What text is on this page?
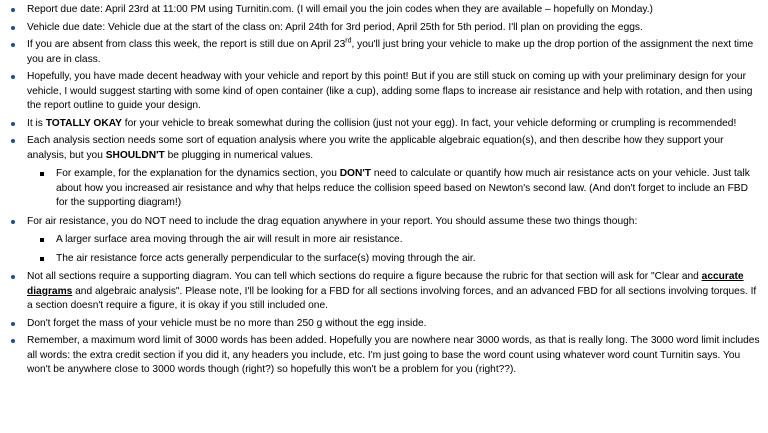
Report due date: April 23rd at 11:00 PM using Turnitin.com. (I will email you the join codes when they are available – hopefully on Monday.)
Vehicle due date: Vehicle due at the start of the class on: April 24th for 3rd period, April 25th for 5th period. I'll plan on providing the eggs.
If you are absent from class this week, the report is still due on April 23rd, you'll just bring your vehicle to make up the drop portion of the assignment the next time you are in class.
Hopefully, you have made decent headway with your vehicle and report by this point! But if you are still stuck on coming up with your preliminary design for your vehicle, I would suggest starting with some kind of open container (like a cup), adding some flaps to increase air resistance and help with rotation, and then using the report outline to guide your design.
It is TOTALLY OKAY for your vehicle to break somewhat during the collision (just not your egg). In fact, your vehicle deforming or crumpling is recommended!
Each analysis section needs some sort of equation analysis where you write the applicable algebraic equation(s), and then describe how they support your analysis, but you SHOULDN'T be plugging in numerical values.
For example, for the explanation for the dynamics section, you DON'T need to calculate or quantify how much air resistance acts on your vehicle. Just talk about how you increased air resistance and why that helps reduce the collision speed based on Newton's second law. (And don't forget to include an FBD for the supporting diagram!)
For air resistance, you do NOT need to include the drag equation anywhere in your report. You should assume these two things though:
A larger surface area moving through the air will result in more air resistance.
The air resistance force acts generally perpendicular to the surface(s) moving through the air.
Not all sections require a supporting diagram. You can tell which sections do require a figure because the rubric for that section will ask for "Clear and accurate diagrams and algebraic analysis". Please note, I'll be looking for a FBD for all sections involving forces, and an advanced FBD for all sections involving torques. If a section doesn't require a figure, it is okay if you still included one.
Don't forget the mass of your vehicle must be no more than 250 g without the egg inside.
Remember, a maximum word limit of 3000 words has been added. Hopefully you are nowhere near 3000 words, as that is really long. The 3000 word limit includes all words: the extra credit section if you did it, any headers you include, etc. I'm just going to base the word count using whatever word count Turnitin says. You won't be anywhere close to 3000 words though (right?) so hopefully this won't be a problem for you (right??).
